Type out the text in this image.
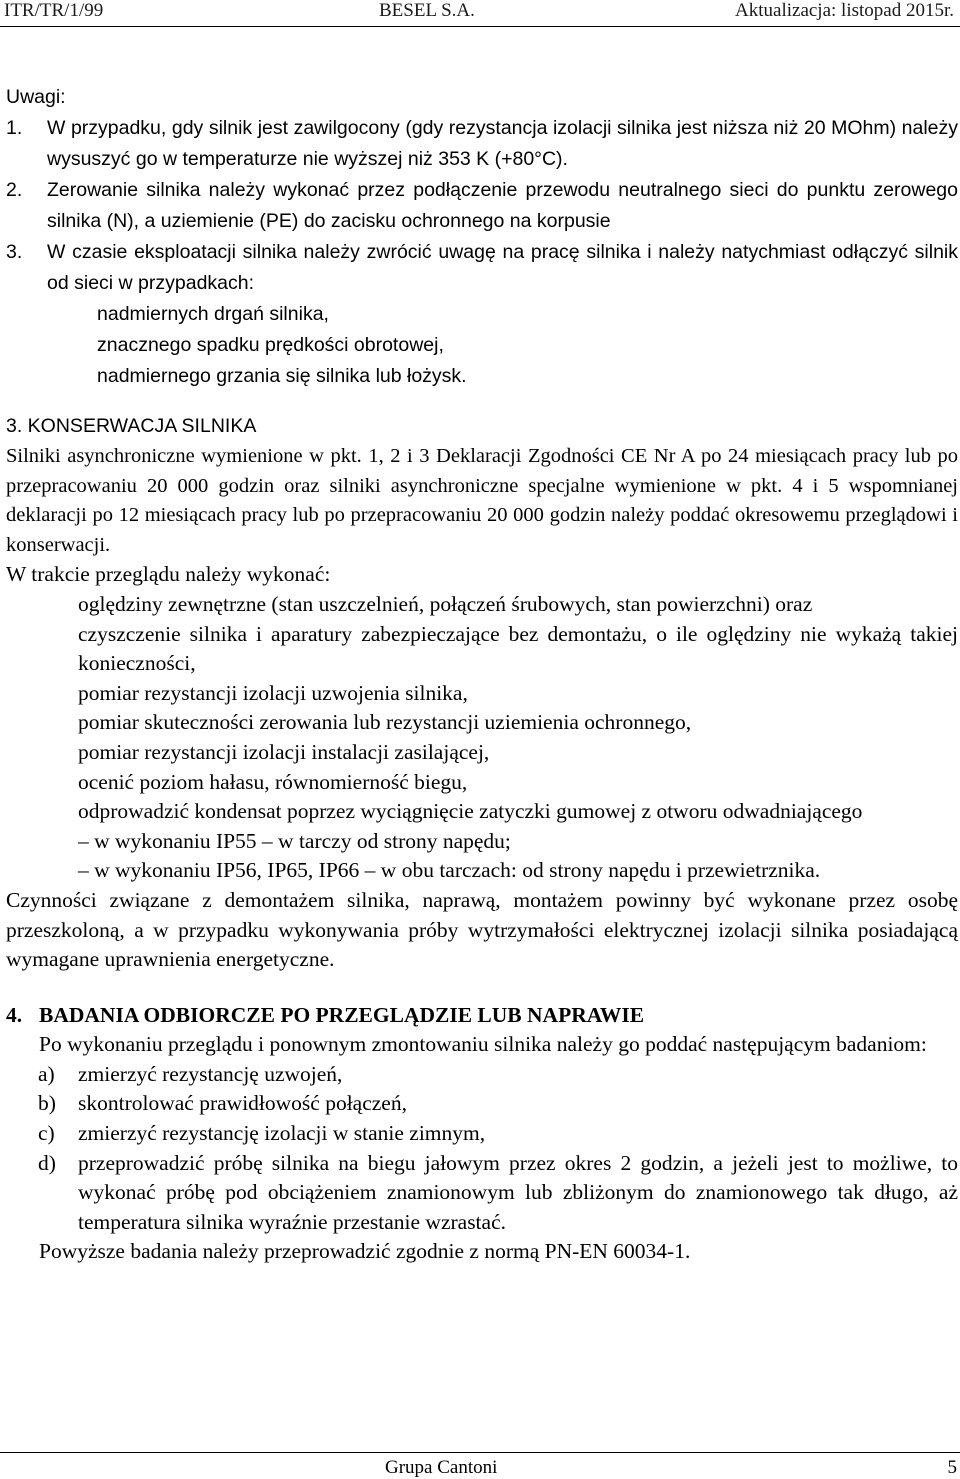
ITR/TR/1/99	BESEL S.A.	Aktualizacja: listopad 2015r.

Uwagi:

1. W przypadku, gdy silnik jest zawilgocony (gdy rezystancja izolacji silnika jest niższa niż 20 MOhm) należy wysuszyć go w temperaturze nie wyższej niż 353 K (+80°C).
2. Zerowanie silnika należy wykonać przez podłączenie przewodu neutralnego sieci do punktu zerowego silnika (N), a uziemienie (PE) do zacisku ochronnego na korpusie
3. W czasie eksploatacji silnika należy zwrócić uwagę na pracę silnika i należy natychmiast odłączyć silnik od sieci w przypadkach:

nadmiernych drgań silnika,

znacznego spadku prędkości obrotowej,

nadmiernego grzania się silnika lub łożysk.

3. KONSERWACJA SILNIKA

Silniki asynchroniczne wymienione w pkt. 1, 2 i 3 Deklaracji Zgodności CE Nr A po 24 miesiącach pracy lub po przepracowaniu 20 000 godzin oraz silniki asynchroniczne specjalne wymienione w pkt. 4 i 5 wspomnianej deklaracji po 12 miesiącach pracy lub po przepracowaniu 20 000 godzin należy poddać okresowemu przeglądowi i konserwacji.

W trakcie przeglądu należy wykonać:

oględziny zewnętrzne (stan uszczelnień, połączeń śrubowych, stan powierzchni) oraz

czyszczenie silnika i aparatury zabezpieczające bez demontażu, o ile oględziny nie wykażą takiej konieczności,

pomiar rezystancji izolacji uzwojenia silnika,

pomiar skuteczności zerowania lub rezystancji uziemienia ochronnego,

pomiar rezystancji izolacji instalacji zasilającej,

ocenić poziom hałasu, równomierność biegu,

odprowadzić kondensat poprzez wyciągnięcie zatyczki gumowej z otworu odwadniającego

– w wykonaniu IP55 – w tarczy od strony napędu;

– w wykonaniu IP56, IP65, IP66 – w obu tarczach: od strony napędu i przewietrznika.

Czynności związane z demontażem silnika, naprawą, montażem powinny być wykonane przez osobę przeszkoloną, a w przypadku wykonywania próby wytrzymałości elektrycznej izolacji silnika posiadającą wymagane uprawnienia energetyczne.

4. BADANIA ODBIORCZE PO PRZEGLĄDZIE LUB NAPRAWIE

Po wykonaniu przeglądu i ponownym zmontowaniu silnika należy go poddać następującym badaniom:

a) zmierzyć rezystancję uzwojeń,
b) skontrolować prawidłowość połączeń,
c) zmierzyć rezystancję izolacji w stanie zimnym,
d) przeprowadzić próbę silnika na biegu jałowym przez okres 2 godzin, a jeżeli jest to możliwe, to wykonać próbę pod obciążeniem znamionowym lub zbliżonym do znamionowego tak długo, aż temperatura silnika wyraźnie przestanie wzrastać.

Powyższe badania należy przeprowadzić zgodnie z normą PN-EN 60034-1.

Grupa Cantoni	5
